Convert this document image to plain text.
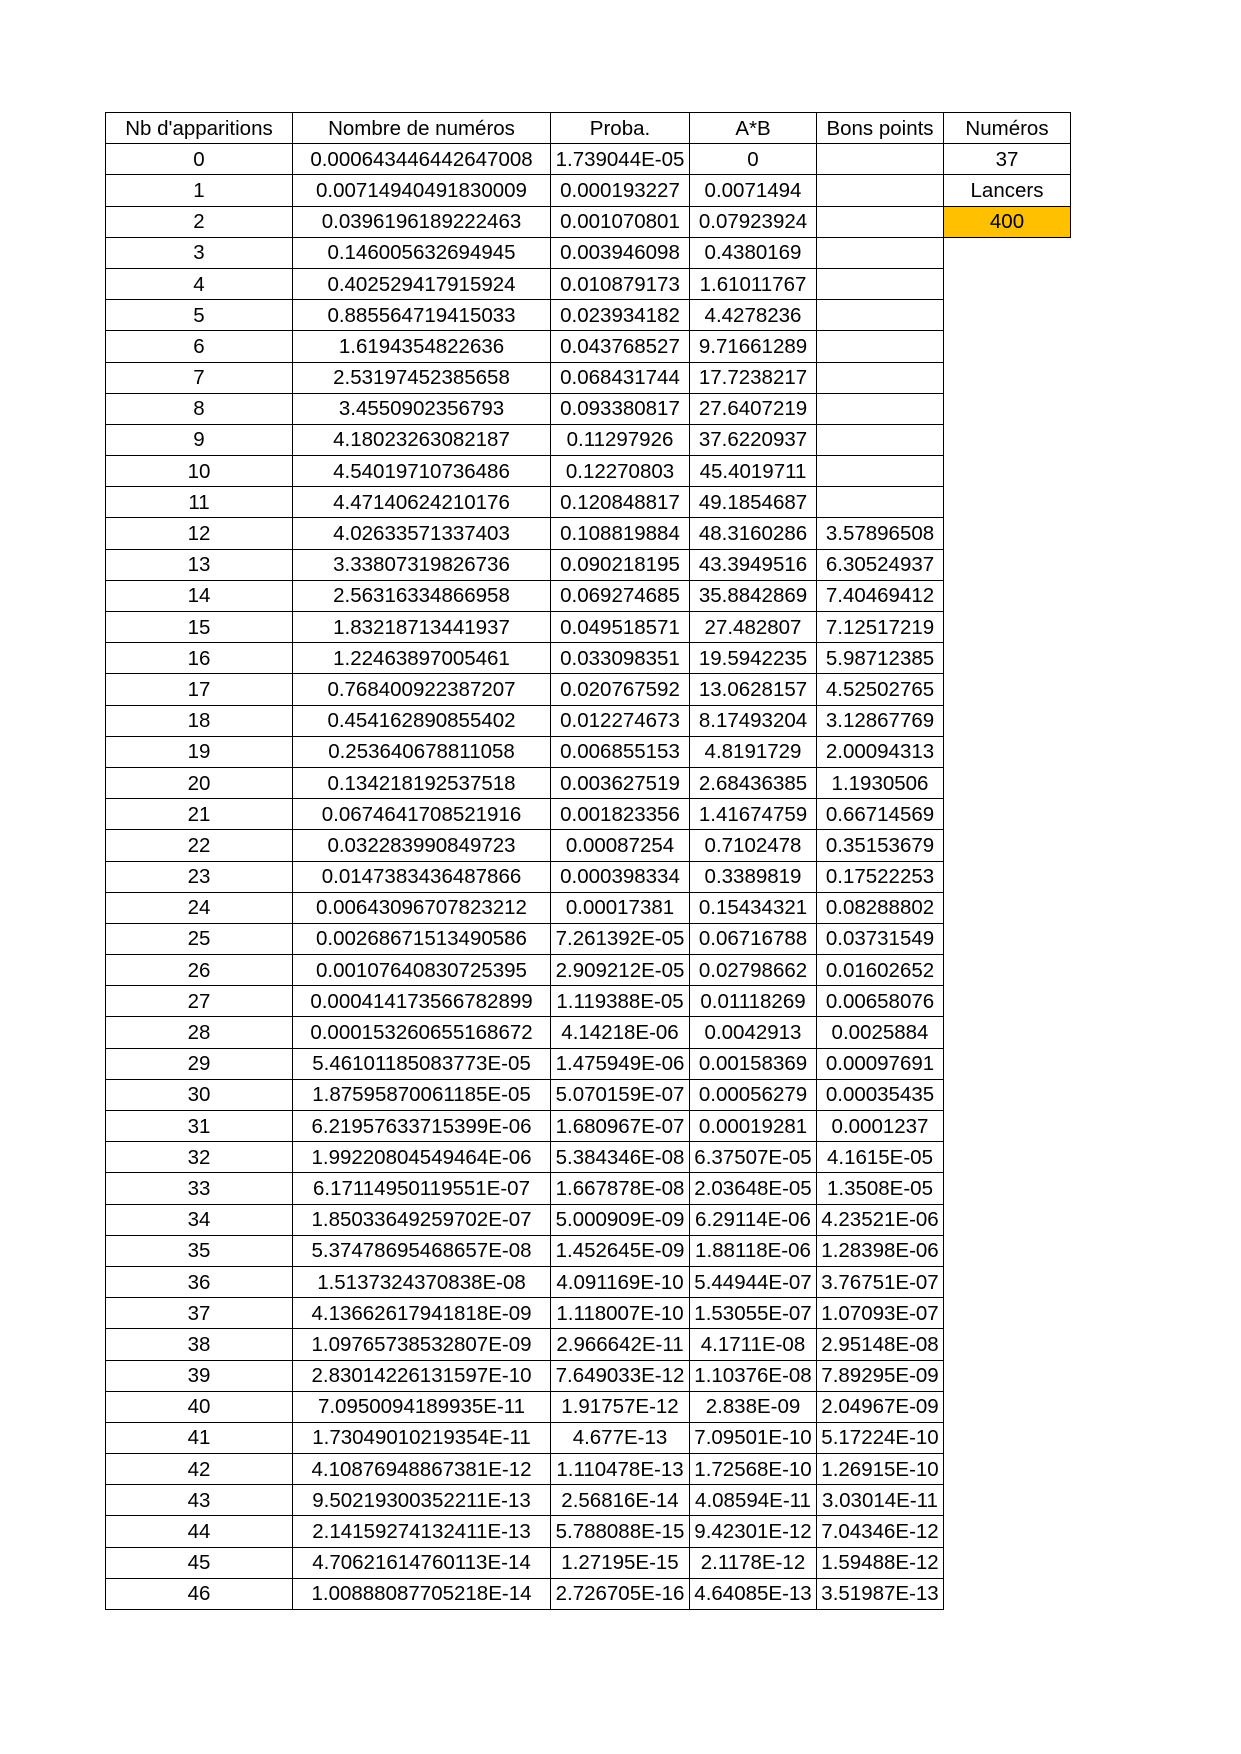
Nb d'apparitions	Nombre de numéros	Proba.	A*B	Bons points	Numéros
0	0.000643446442647008	1.739044E-05	0		37
1	0.00714940491830009	0.000193227	0.0071494		Lancers
2	0.0396196189222463	0.001070801	0.07923924		400
3	0.146005632694945	0.003946098	0.4380169		
4	0.402529417915924	0.010879173	1.61011767		
5	0.885564719415033	0.023934182	4.4278236		
6	1.6194354822636	0.043768527	9.71661289		
7	2.53197452385658	0.068431744	17.7238217		
8	3.4550902356793	0.093380817	27.6407219		
9	4.18023263082187	0.11297926	37.6220937		
10	4.54019710736486	0.12270803	45.4019711		
11	4.47140624210176	0.120848817	49.1854687		
12	4.02633571337403	0.108819884	48.3160286	3.57896508	
13	3.33807319826736	0.090218195	43.3949516	6.30524937	
14	2.56316334866958	0.069274685	35.8842869	7.40469412	
15	1.83218713441937	0.049518571	27.482807	7.12517219	
16	1.22463897005461	0.033098351	19.5942235	5.98712385	
17	0.768400922387207	0.020767592	13.0628157	4.52502765	
18	0.454162890855402	0.012274673	8.17493204	3.12867769	
19	0.253640678811058	0.006855153	4.8191729	2.00094313	
20	0.134218192537518	0.003627519	2.68436385	1.1930506	
21	0.0674641708521916	0.001823356	1.41674759	0.66714569	
22	0.032283990849723	0.00087254	0.7102478	0.35153679	
23	0.0147383436487866	0.000398334	0.3389819	0.17522253	
24	0.00643096707823212	0.00017381	0.15434321	0.08288802	
25	0.00268671513490586	7.261392E-05	0.06716788	0.03731549	
26	0.00107640830725395	2.909212E-05	0.02798662	0.01602652	
27	0.000414173566782899	1.119388E-05	0.01118269	0.00658076	
28	0.000153260655168672	4.14218E-06	0.0042913	0.0025884	
29	5.46101185083773E-05	1.475949E-06	0.00158369	0.00097691	
30	1.87595870061185E-05	5.070159E-07	0.00056279	0.00035435	
31	6.21957633715399E-06	1.680967E-07	0.00019281	0.0001237	
32	1.99220804549464E-06	5.384346E-08	6.37507E-05	4.1615E-05	
33	6.17114950119551E-07	1.667878E-08	2.03648E-05	1.3508E-05	
34	1.85033649259702E-07	5.000909E-09	6.29114E-06	4.23521E-06	
35	5.37478695468657E-08	1.452645E-09	1.88118E-06	1.28398E-06	
36	1.5137324370838E-08	4.091169E-10	5.44944E-07	3.76751E-07	
37	4.13662617941818E-09	1.118007E-10	1.53055E-07	1.07093E-07	
38	1.09765738532807E-09	2.966642E-11	4.1711E-08	2.95148E-08	
39	2.83014226131597E-10	7.649033E-12	1.10376E-08	7.89295E-09	
40	7.0950094189935E-11	1.91757E-12	2.838E-09	2.04967E-09	
41	1.73049010219354E-11	4.677E-13	7.09501E-10	5.17224E-10	
42	4.10876948867381E-12	1.110478E-13	1.72568E-10	1.26915E-10	
43	9.50219300352211E-13	2.56816E-14	4.08594E-11	3.03014E-11	
44	2.14159274132411E-13	5.788088E-15	9.42301E-12	7.04346E-12	
45	4.70621614760113E-14	1.27195E-15	2.1178E-12	1.59488E-12	
46	1.00888087705218E-14	2.726705E-16	4.64085E-13	3.51987E-13	
